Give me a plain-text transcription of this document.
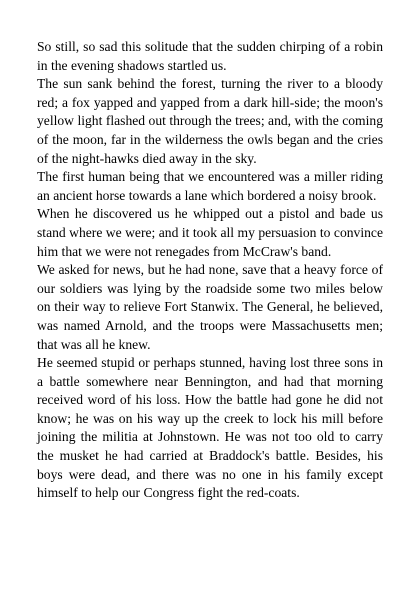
So still, so sad this solitude that the sudden chirping of a robin in the evening shadows startled us.

The sun sank behind the forest, turning the river to a bloody red; a fox yapped and yapped from a dark hill-side; the moon's yellow light flashed out through the trees; and, with the coming of the moon, far in the wilderness the owls began and the cries of the night-hawks died away in the sky.

The first human being that we encountered was a miller riding an ancient horse towards a lane which bordered a noisy brook.

When he discovered us he whipped out a pistol and bade us stand where we were; and it took all my persuasion to convince him that we were not renegades from McCraw's band.

We asked for news, but he had none, save that a heavy force of our soldiers was lying by the roadside some two miles below on their way to relieve Fort Stanwix. The General, he believed, was named Arnold, and the troops were Massachusetts men; that was all he knew.

He seemed stupid or perhaps stunned, having lost three sons in a battle somewhere near Bennington, and had that morning received word of his loss. How the battle had gone he did not know; he was on his way up the creek to lock his mill before joining the militia at Johnstown. He was not too old to carry the musket he had carried at Braddock's battle. Besides, his boys were dead, and there was no one in his family except himself to help our Congress fight the red-coats.
